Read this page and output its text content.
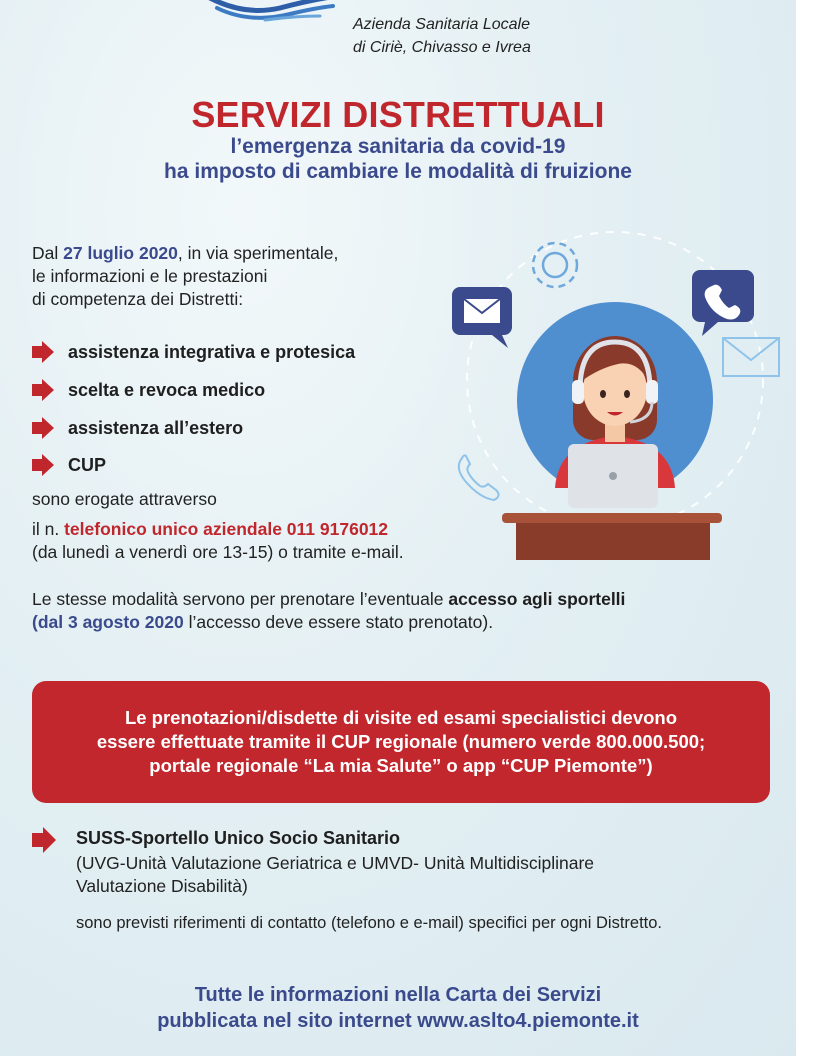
Azienda Sanitaria Locale
di Ciriè, Chivasso e Ivrea
SERVIZI DISTRETTUALI
l’emergenza sanitaria da covid-19
ha imposto di cambiare le modalità di fruizione
Dal 27 luglio 2020, in via sperimentale,
le informazioni e le prestazioni
di competenza dei Distretti:
assistenza integrativa e protesica
scelta e revoca medico
assistenza all’estero
CUP
sono erogate attraverso
il n. telefonico unico aziendale 011 9176012
(da lunedì a venerdì ore 13-15) o tramite e-mail.
Le stesse modalità servono per prenotare l’eventuale accesso agli sportelli
(dal 3 agosto 2020 l’accesso deve essere stato prenotato).
Le prenotazioni/disdette di visite ed esami specialistici devono
essere effettuate tramite il CUP regionale (numero verde 800.000.500;
portale regionale “La mia Salute” o app “CUP Piemonte”)
SUSS-Sportello Unico Socio Sanitario
(UVG-Unità Valutazione Geriatrica e UMVD- Unità Multidisciplinare
Valutazione Disabilità)
sono previsti riferimenti di contatto (telefono e e-mail) specifici per ogni Distretto.
Tutte le informazioni nella Carta dei Servizi
pubblicata nel sito internet www.aslto4.piemonte.it
